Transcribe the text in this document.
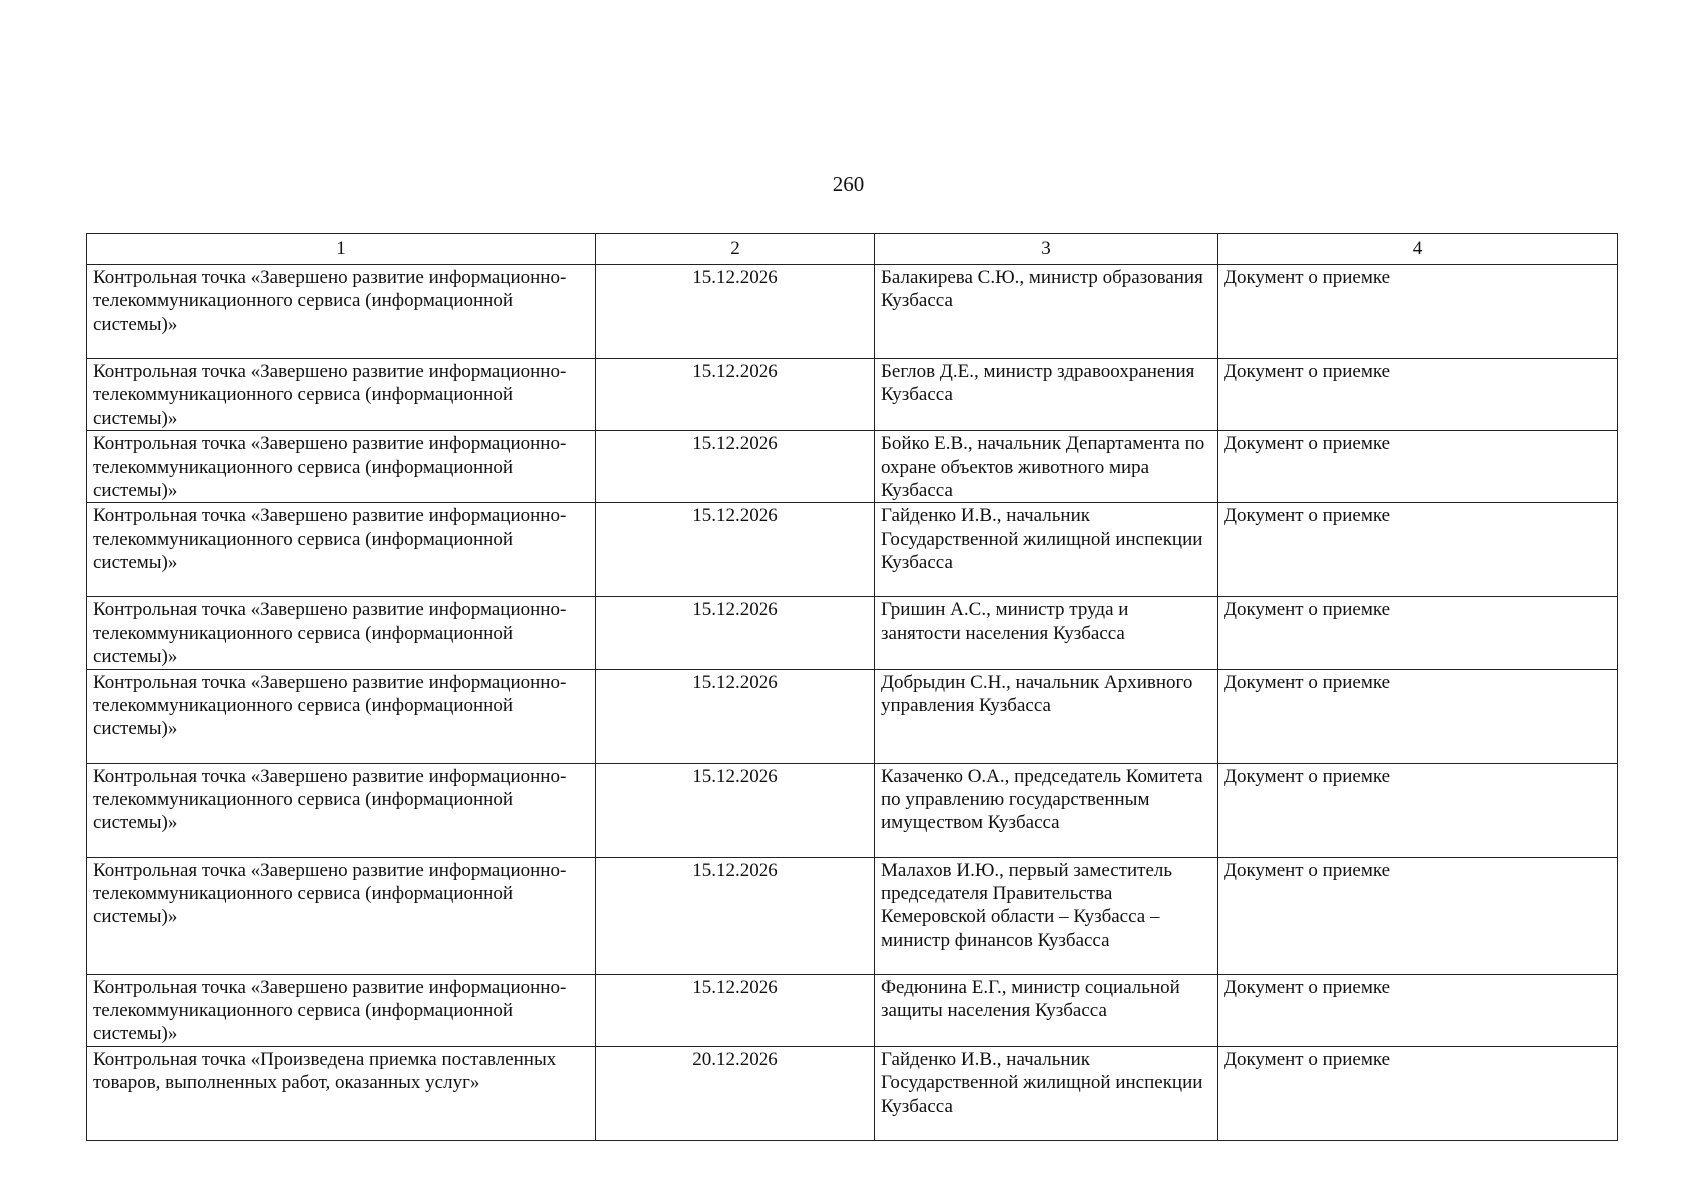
260
1	2	3	4
Контрольная точка «Завершено развитие информационно-телекоммуникационного сервиса (информационной системы)»	15.12.2026	Балакирева С.Ю., министр образования Кузбасса	Документ о приемке
Контрольная точка «Завершено развитие информационно-телекоммуникационного сервиса (информационной системы)»	15.12.2026	Беглов Д.Е., министр здравоохранения Кузбасса	Документ о приемке
Контрольная точка «Завершено развитие информационно-телекоммуникационного сервиса (информационной системы)»	15.12.2026	Бойко Е.В., начальник Департамента по охране объектов животного мира Кузбасса	Документ о приемке
Контрольная точка «Завершено развитие информационно-телекоммуникационного сервиса (информационной системы)»	15.12.2026	Гайденко И.В., начальник Государственной жилищной инспекции Кузбасса	Документ о приемке
Контрольная точка «Завершено развитие информационно-телекоммуникационного сервиса (информационной системы)»	15.12.2026	Гришин А.С., министр труда и занятости населения Кузбасса	Документ о приемке
Контрольная точка «Завершено развитие информационно-телекоммуникационного сервиса (информационной системы)»	15.12.2026	Добрыдин С.Н., начальник Архивного управления Кузбасса	Документ о приемке
Контрольная точка «Завершено развитие информационно-телекоммуникационного сервиса (информационной системы)»	15.12.2026	Казаченко О.А., председатель Комитета по управлению государственным имуществом Кузбасса	Документ о приемке
Контрольная точка «Завершено развитие информационно-телекоммуникационного сервиса (информационной системы)»	15.12.2026	Малахов И.Ю., первый заместитель председателя Правительства Кемеровской области – Кузбасса – министр финансов Кузбасса	Документ о приемке
Контрольная точка «Завершено развитие информационно-телекоммуникационного сервиса (информационной системы)»	15.12.2026	Федюнина Е.Г., министр социальной защиты населения Кузбасса	Документ о приемке
Контрольная точка «Произведена приемка поставленных товаров, выполненных работ, оказанных услуг»	20.12.2026	Гайденко И.В., начальник Государственной жилищной инспекции Кузбасса	Документ о приемке
